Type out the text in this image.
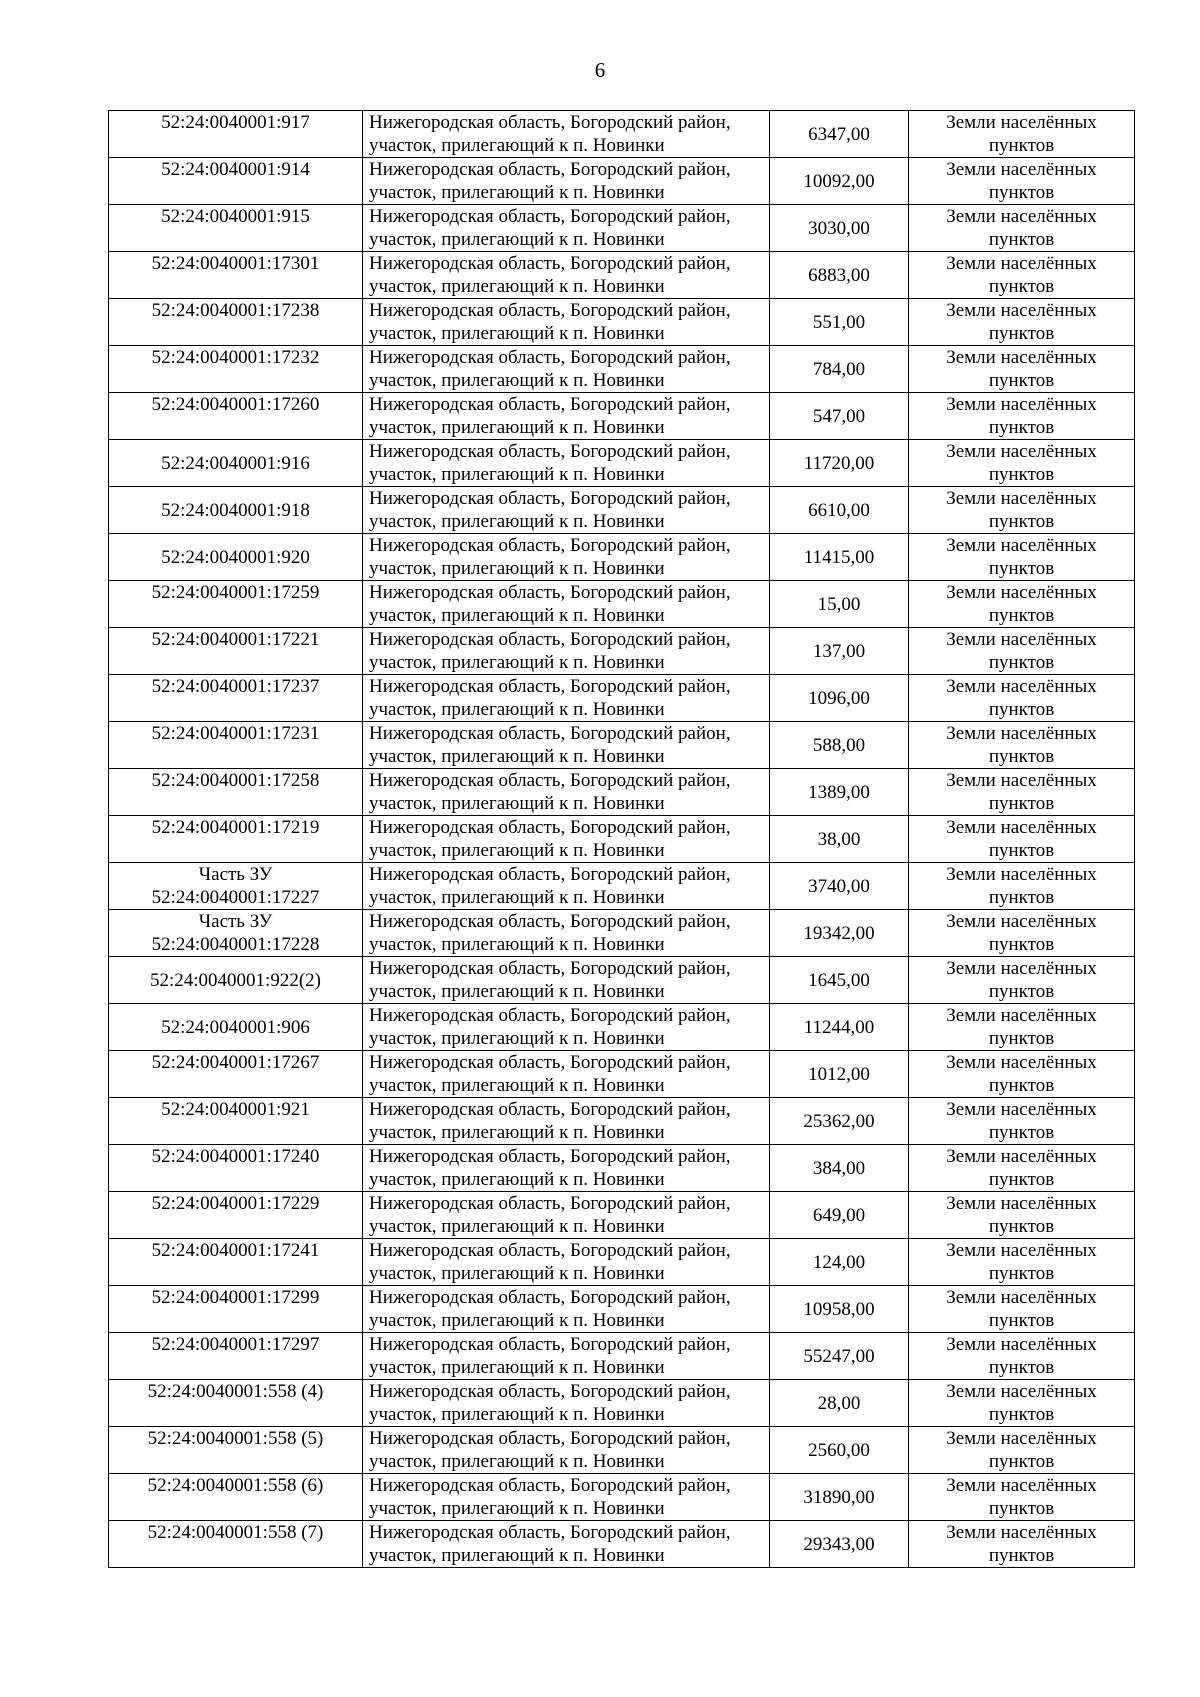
6
52:24:0040001:917	Нижегородская область, Богородский район,
участок, прилегающий к п. Новинки	6347,00	Земли населённых
пунктов

52:24:0040001:914	Нижегородская область, Богородский район,
участок, прилегающий к п. Новинки	10092,00	Земли населённых
пунктов

52:24:0040001:915	Нижегородская область, Богородский район,
участок, прилегающий к п. Новинки	3030,00	Земли населённых
пунктов

52:24:0040001:17301	Нижегородская область, Богородский район,
участок, прилегающий к п. Новинки	6883,00	Земли населённых
пунктов

52:24:0040001:17238	Нижегородская область, Богородский район,
участок, прилегающий к п. Новинки	551,00	Земли населённых
пунктов

52:24:0040001:17232	Нижегородская область, Богородский район,
участок, прилегающий к п. Новинки	784,00	Земли населённых
пунктов

52:24:0040001:17260	Нижегородская область, Богородский район,
участок, прилегающий к п. Новинки	547,00	Земли населённых
пунктов

52:24:0040001:916	Нижегородская область, Богородский район,
участок, прилегающий к п. Новинки	11720,00	Земли населённых
пунктов

52:24:0040001:918	Нижегородская область, Богородский район,
участок, прилегающий к п. Новинки	6610,00	Земли населённых
пунктов

52:24:0040001:920	Нижегородская область, Богородский район,
участок, прилегающий к п. Новинки	11415,00	Земли населённых
пунктов

52:24:0040001:17259	Нижегородская область, Богородский район,
участок, прилегающий к п. Новинки	15,00	Земли населённых
пунктов

52:24:0040001:17221	Нижегородская область, Богородский район,
участок, прилегающий к п. Новинки	137,00	Земли населённых
пунктов

52:24:0040001:17237	Нижегородская область, Богородский район,
участок, прилегающий к п. Новинки	1096,00	Земли населённых
пунктов

52:24:0040001:17231	Нижегородская область, Богородский район,
участок, прилегающий к п. Новинки	588,00	Земли населённых
пунктов

52:24:0040001:17258	Нижегородская область, Богородский район,
участок, прилегающий к п. Новинки	1389,00	Земли населённых
пунктов

52:24:0040001:17219	Нижегородская область, Богородский район,
участок, прилегающий к п. Новинки	38,00	Земли населённых
пунктов

Часть ЗУ
52:24:0040001:17227	Нижегородская область, Богородский район,
участок, прилегающий к п. Новинки	3740,00	Земли населённых
пунктов

Часть ЗУ
52:24:0040001:17228	Нижегородская область, Богородский район,
участок, прилегающий к п. Новинки	19342,00	Земли населённых
пунктов

52:24:0040001:922(2)	Нижегородская область, Богородский район,
участок, прилегающий к п. Новинки	1645,00	Земли населённых
пунктов

52:24:0040001:906	Нижегородская область, Богородский район,
участок, прилегающий к п. Новинки	11244,00	Земли населённых
пунктов

52:24:0040001:17267	Нижегородская область, Богородский район,
участок, прилегающий к п. Новинки	1012,00	Земли населённых
пунктов

52:24:0040001:921	Нижегородская область, Богородский район,
участок, прилегающий к п. Новинки	25362,00	Земли населённых
пунктов

52:24:0040001:17240	Нижегородская область, Богородский район,
участок, прилегающий к п. Новинки	384,00	Земли населённых
пунктов

52:24:0040001:17229	Нижегородская область, Богородский район,
участок, прилегающий к п. Новинки	649,00	Земли населённых
пунктов

52:24:0040001:17241	Нижегородская область, Богородский район,
участок, прилегающий к п. Новинки	124,00	Земли населённых
пунктов

52:24:0040001:17299	Нижегородская область, Богородский район,
участок, прилегающий к п. Новинки	10958,00	Земли населённых
пунктов

52:24:0040001:17297	Нижегородская область, Богородский район,
участок, прилегающий к п. Новинки	55247,00	Земли населённых
пунктов

52:24:0040001:558 (4)	Нижегородская область, Богородский район,
участок, прилегающий к п. Новинки	28,00	Земли населённых
пунктов

52:24:0040001:558 (5)	Нижегородская область, Богородский район,
участок, прилегающий к п. Новинки	2560,00	Земли населённых
пунктов

52:24:0040001:558 (6)	Нижегородская область, Богородский район,
участок, прилегающий к п. Новинки	31890,00	Земли населённых
пунктов

52:24:0040001:558 (7)	Нижегородская область, Богородский район,
участок, прилегающий к п. Новинки	29343,00	Земли населённых
пунктов
